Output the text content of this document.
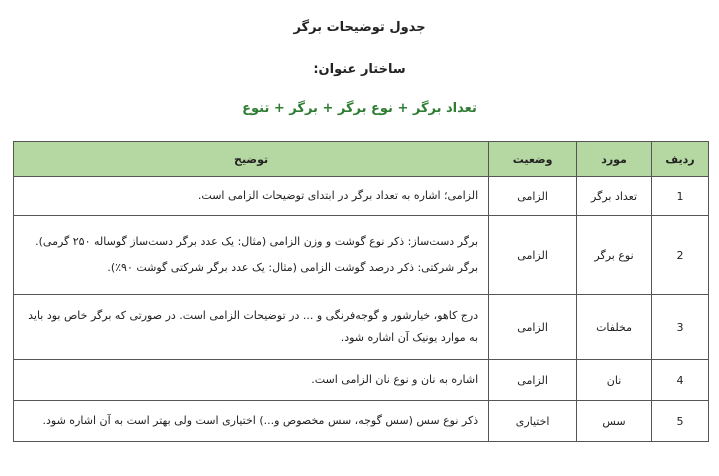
جدول توضیحات برگر
ساختار عنوان:
تعداد برگر + نوع برگر + برگر + تنوع
ردیف	مورد	وضعیت	توضیح
1	تعداد برگر	الزامی	الزامی؛ اشاره به تعداد برگر در ابتدای توضیحات الزامی است.

2	نوع برگر	الزامی	برگر دست‌ساز: ذکر نوع گوشت و وزن الزامی (مثال: یک عدد برگر دست‌ساز گوساله ۲۵۰ گرمی).
برگر شرکتی: ذکر درصد گوشت الزامی (مثال: یک عدد برگر شرکتی گوشت ۹۰٪).

3	مخلفات	الزامی	درج کاهو، خیارشور و گوجه‌فرنگی و ... در توضیحات الزامی است. در صورتی که برگر خاص بود باید به موارد یونیک آن اشاره شود.

4	نان	الزامی	اشاره به نان و نوع نان الزامی است.

5	سس	اختیاری	ذکر نوع سس (سس گوجه، سس مخصوص و...) اختیاری است ولی بهتر است به آن اشاره شود.
